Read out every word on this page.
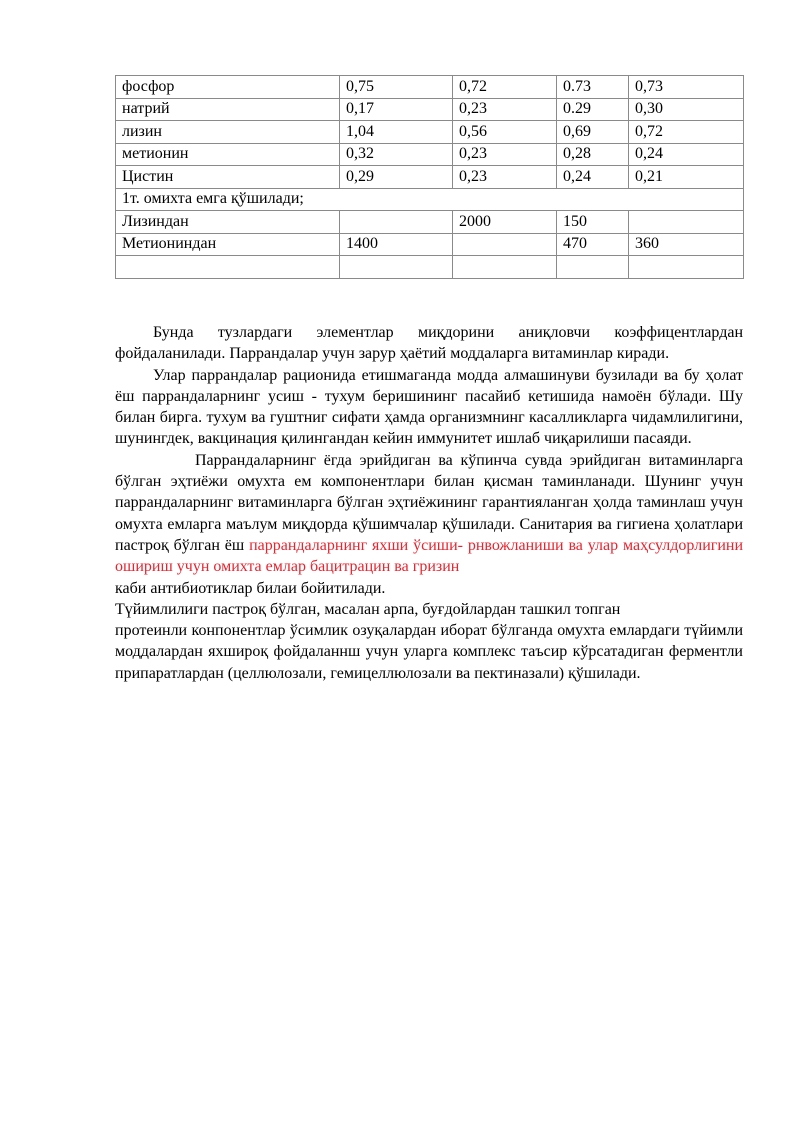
фосфор	0,75	0,72	0.73	0,73
натрий	0,17	0,23	0.29	0,30
лизин	1,04	0,56	0,69	0,72
метионин	0,32	0,23	0,28	0,24
Цистин	0,29	0,23	0,24	0,21
1т. омихта емга қўшилади;				
Лизиндан		2000	150	
Метиониндан	1400		470	360

Бунда тузлардаги элементлар миқдорини аниқловчи коэффицентлардан фойдаланилади. Паррандалар учун зарур ҳаётий моддаларга витаминлар киради.

Улар паррандалар рационида етишмаганда модда алмашинуви бузилади ва бу ҳолат ёш паррандаларнинг усиш - тухум беришининг пасайиб кетишида намоён бўлади. Шу билан бирга. тухум ва гуштниг сифати ҳамда организмнинг касалликларга чидамлилигини, шунингдек, вакцинация қилингандан кейин иммунитет ишлаб чиқарилиши пасаяди.

Паррандаларнинг ёгда эрийдиган ва кўпинча сувда эрийдиган витаминларга бўлган эҳтиёжи омухта ем компонентлари билан қисман таминланади. Шунинг учун паррандаларнинг витаминларга бўлган эҳтиёжининг гарантияланган ҳолда таминлаш учун омухта емларга маълум миқдорда қўшимчалар қўшилади. Санитария ва гигиена ҳолатлари пастроқ бўлган ёш паррандаларнинг яхши ўсиши- рнвожланиши ва улар маҳсулдорлигини ошириш учун омихта емлар бацитрацин ва гризин

каби антибиотиклар билаи бойитилади.

Түйимлилиги пастроқ бўлган, масалан арпа, буғдойлардан ташкил топган

протеинли конпонентлар ўсимлик озуқалардан иборат бўлганда омухта емлардаги түйимли моддалардан яхшироқ фойдаланнш учун уларга комплекс таъсир кўрсатадиган ферментли припаратлардан (целлюлозали, гемицеллюлозали ва пектиназали) қўшилади.
